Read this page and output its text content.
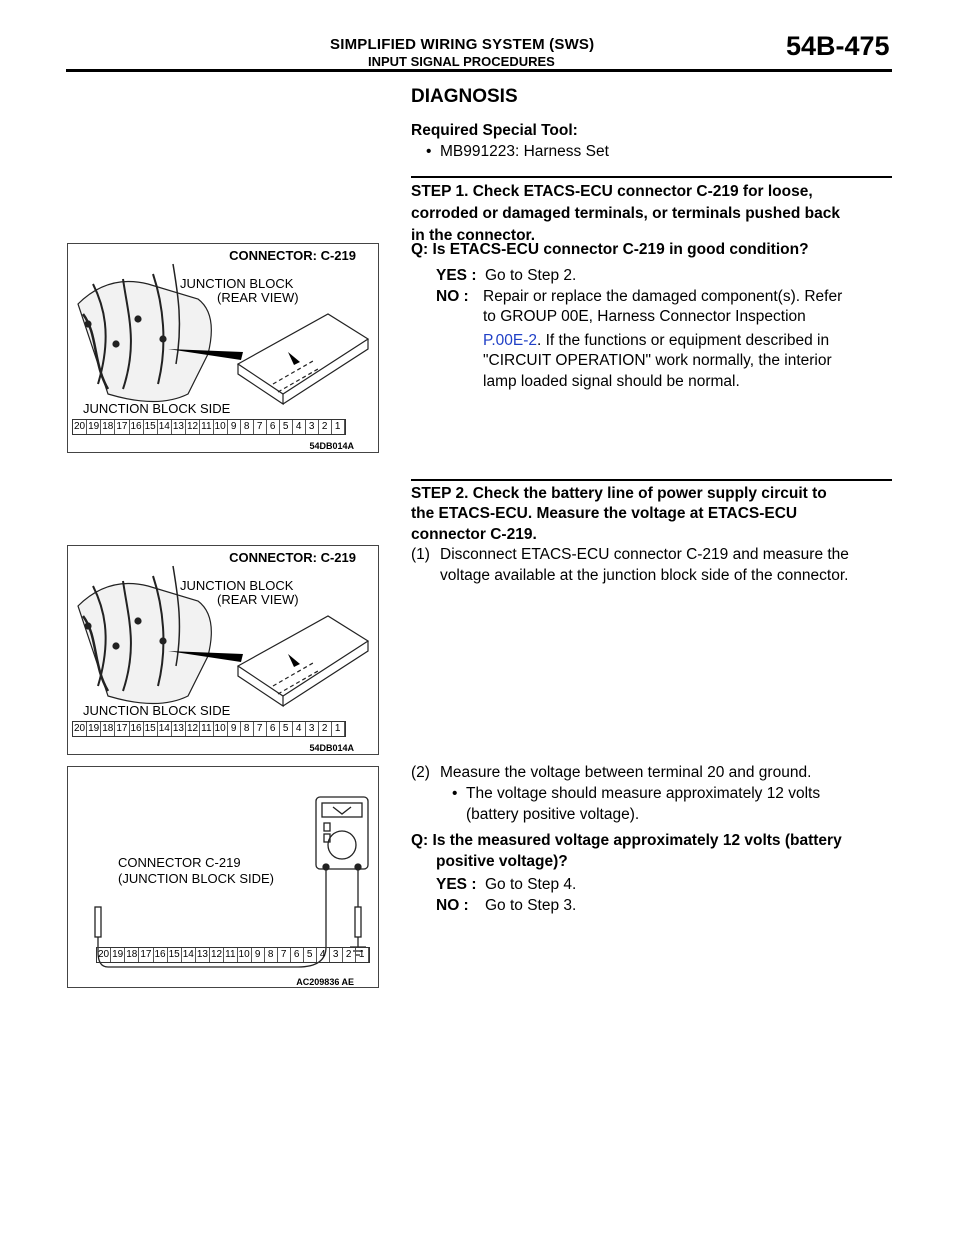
SIMPLIFIED WIRING SYSTEM (SWS)
INPUT SIGNAL PROCEDURES
54B-475
DIAGNOSIS
Required Special Tool:
• MB991223: Harness Set
STEP 1. Check ETACS-ECU connector C-219 for loose,
corroded or damaged terminals, or terminals pushed back
in the connector.
Q: Is ETACS-ECU connector C-219 in good condition?
YES : Go to Step 2.
NO : Repair or replace the damaged component(s). Refer
to GROUP 00E, Harness Connector Inspection
P.00E-2. If the functions or equipment described in
"CIRCUIT OPERATION" work normally, the interior
lamp loaded signal should be normal.
STEP 2. Check the battery line of power supply circuit to
the ETACS-ECU. Measure the voltage at ETACS-ECU
connector C-219.
(1) Disconnect ETACS-ECU connector C-219 and measure the
voltage available at the junction block side of the connector.
(2) Measure the voltage between terminal 20 and ground.
• The voltage should measure approximately 12 volts
(battery positive voltage).
Q: Is the measured voltage approximately 12 volts (battery
positive voltage)?
YES : Go to Step 4.
NO : Go to Step 3.
CONNECTOR: C-219
JUNCTION BLOCK
(REAR VIEW)
JUNCTION BLOCK SIDE
20 19 18 17 16 15 14 13 12 11 10 9 8 7 6 5 4 3 2 1
54DB014A
CONNECTOR: C-219
JUNCTION BLOCK
(REAR VIEW)
JUNCTION BLOCK SIDE
20 19 18 17 16 15 14 13 12 11 10 9 8 7 6 5 4 3 2 1
54DB014A
CONNECTOR C-219
(JUNCTION BLOCK SIDE)
20 19 18 17 16 15 14 13 12 11 10 9 8 7 6 5 4 3 2 1
AC209836 AE
